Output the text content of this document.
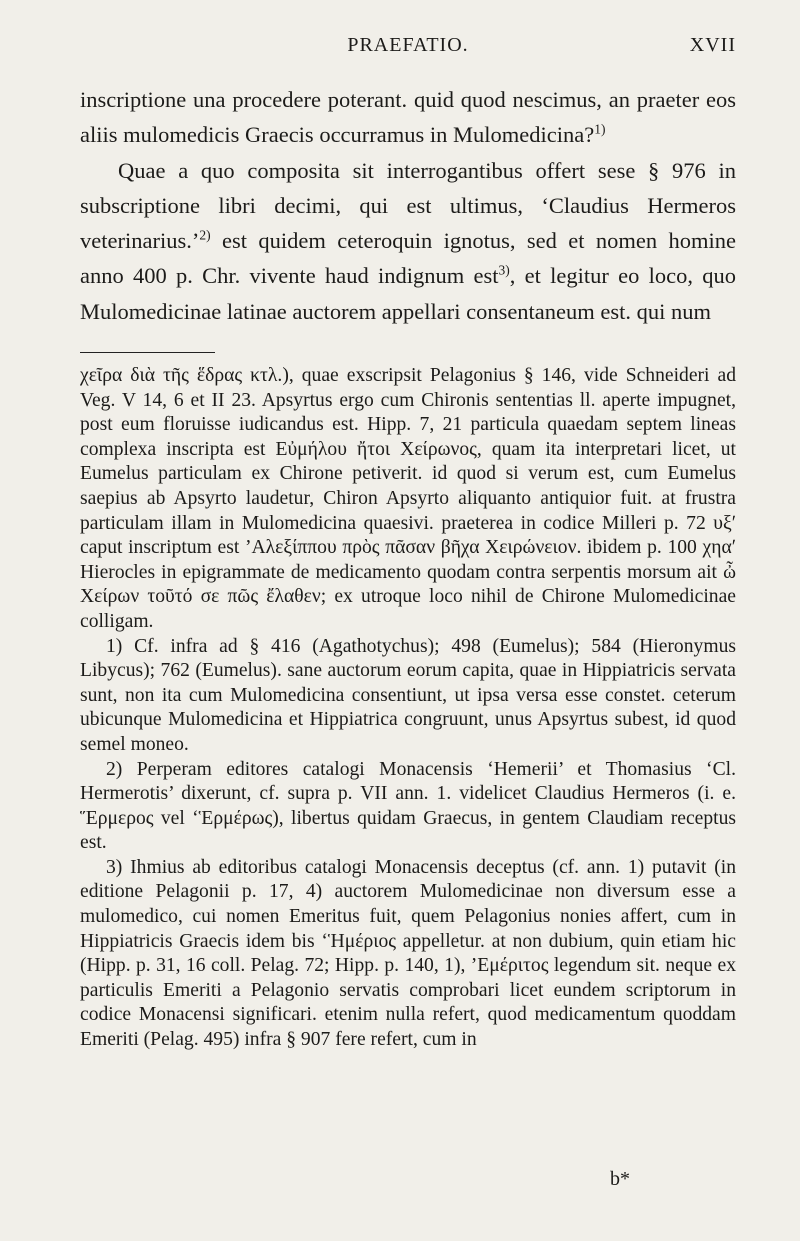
PRAEFATIO.	XVII

inscriptione una procedere poterant. quid quod nescimus, an praeter eos aliis mulomedicis Graecis occurramus in Mulomedicina?$^{1)}$

Quae a quo composita sit interrogantibus offert sese § 976 in subscriptione libri decimi, qui est ultimus, ‘Claudius Hermeros veterinarius.’$^{2)}$ est quidem ceteroquin ignotus, sed et nomen homine anno 400 p. Chr. vivente haud indignum est$^{3)}$, et legitur eo loco, quo Mulomedicinae latinae auctorem appellari consentaneum est. qui num

χεῖρα διὰ τῆς ἕδρας κτλ.), quae exscripsit Pelagonius § 146, vide Schneideri ad Veg. V 14, 6 et II 23. Apsyrtus ergo cum Chironis sententias ll. aperte impugnet, post eum floruisse iudicandus est. Hipp. 7, 21 particula quaedam septem lineas complexa inscripta est Εὐμήλου ἤτοι Χείρωνος, quam ita interpretari licet, ut Eumelus particulam ex Chirone petiverit. id quod si verum est, cum Eumelus saepius ab Apsyrto laudetur, Chiron Apsyrto aliquanto antiquior fuit. at frustra particulam illam in Mulomedicina quaesivi. praeterea in codice Milleri p. 72 υξʹ caput inscriptum est ’Αλεξίππου πρὸς πᾶσαν βῆχα Χειρώνειον. ibidem p. 100 χηαʹ Hierocles in epigrammate de medicamento quodam contra serpentis morsum ait ὦ Χείρων τοῦτό σε πῶς ἔλαθεν; ex utroque loco nihil de Chirone Mulomedicinae colligam.

1) Cf. infra ad § 416 (Agathotychus); 498 (Eumelus); 584 (Hieronymus Libycus); 762 (Eumelus). sane auctorum eorum capita, quae in Hippiatricis servata sunt, non ita cum Mulomedicina consentiunt, ut ipsa versa esse constet. ceterum ubicunque Mulomedicina et Hippiatrica congruunt, unus Apsyrtus subest, id quod semel moneo.

2) Perperam editores catalogi Monacensis ‘Hemerii’ et Thomasius ‘Cl. Hermerotis’ dixerunt, cf. supra p. VII ann. 1. videlicet Claudius Hermeros (i. e. Ἕρμερος vel ‘Ἑρμέρως), libertus quidam Graecus, in gentem Claudiam receptus est.

3) Ihmius ab editoribus catalogi Monacensis deceptus (cf. ann. 1) putavit (in editione Pelagonii p. 17, 4) auctorem Mulomedicinae non diversum esse a mulomedico, cui nomen Emeritus fuit, quem Pelagonius nonies affert, cum in Hippiatricis Graecis idem bis ‘Ἡμέριος appelletur. at non dubium, quin etiam hic (Hipp. p. 31, 16 coll. Pelag. 72; Hipp. p. 140, 1), ’Εμέριτος legendum sit. neque ex particulis Emeriti a Pelagonio servatis comprobari licet eundem scriptorum in codice Monacensi significari. etenim nulla refert, quod medicamentum quoddam Emeriti (Pelag. 495) infra § 907 fere refert, cum in

b*
